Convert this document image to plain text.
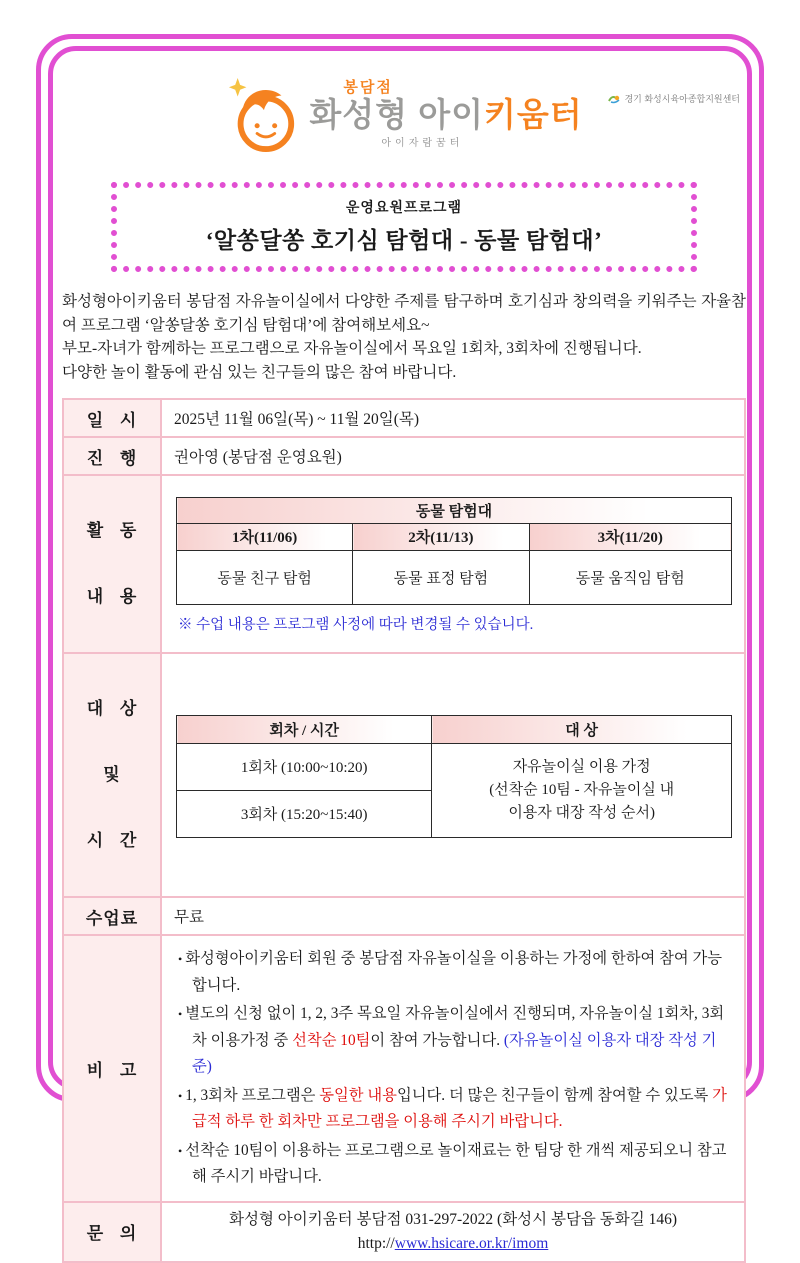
봉담점
화성형 아이키움터
아이자람꿈터
경기 화성시육아종합지원센터
운영요원프로그램
‘알쏭달쏭 호기심 탐험대 - 동물 탐험대’

화성형아이키움터 봉담점 자유놀이실에서 다양한 주제를 탐구하며 호기심과 창의력을 키워주는 자율참여 프로그램 ‘알쏭달쏭 호기심 탐험대’에 참여해보세요~

부모-자녀가 함께하는 프로그램으로 자유놀이실에서 목요일 1회차, 3회차에 진행됩니다.

다양한 놀이 활동에 관심 있는 친구들의 많은 참여 바랍니다.

일   시	2025년 11월 06일(목) ~ 11월 20일(목)
진   행	권아영 (봉담점 운영요원)

활   동

내   용

동물 탐험대
1차(11/06)	2차(11/13)	3차(11/20)
동물 친구 탐험	동물 표정 탐험	동물 움직임 탐험
※ 수업 내용은 프로그램 사정에 따라 변경될 수 있습니다.

대   상

및

시   간

회차 / 시간	대 상
1회차 (10:00~10:20)	자유놀이실 이용 가정
(선착순 10팀 - 자유놀이실 내
이용자 대장 작성 순서)

3회차 (15:20~15:40)

수업료	무료
비   고	
• 화성형아이키움터 회원 중 봉담점 자유놀이실을 이용하는 가정에 한하여 참여 가능합니다.
• 별도의 신청 없이 1, 2, 3주 목요일 자유놀이실에서 진행되며, 자유놀이실 1회차, 3회차 이용가정 중 선착순 10팀이 참여 가능합니다. (자유놀이실 이용자 대장 작성 기준)
• 1, 3회차 프로그램은 동일한 내용입니다. 더 많은 친구들이 함께 참여할 수 있도록 가급적 하루 한 회차만 프로그램을 이용해 주시기 바랍니다.
• 선착순 10팀이 이용하는 프로그램으로 놀이재료는 한 팀당 한 개씩 제공되오니 참고해 주시기 바랍니다.

문   의	
화성형 아이키움터 봉담점 031-297-2022 (화성시 봉담읍 동화길 146)
http://www.hsicare.or.kr/imom
